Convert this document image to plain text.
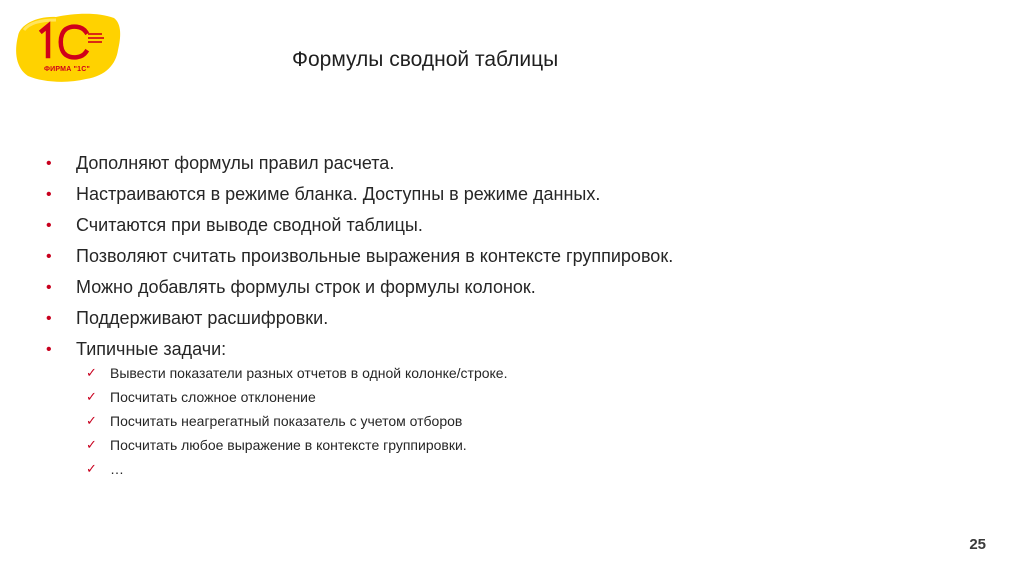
ФИРМА "1С"	Формулы сводной таблицы
• Дополняют формулы правил расчета.
• Настраиваются в режиме бланка. Доступны в режиме данных.
• Считаются при выводе сводной таблицы.
• Позволяют считать произвольные выражения в контексте группировок.
• Можно добавлять формулы строк и формулы колонок.
• Поддерживают расшифровки.
• Типичные задачи:
✓ Вывести показатели разных отчетов в одной колонке/строке.
✓ Посчитать сложное отклонение
✓ Посчитать неагрегатный показатель с учетом отборов
✓ Посчитать любое выражение в контексте группировки.
✓ …
25
